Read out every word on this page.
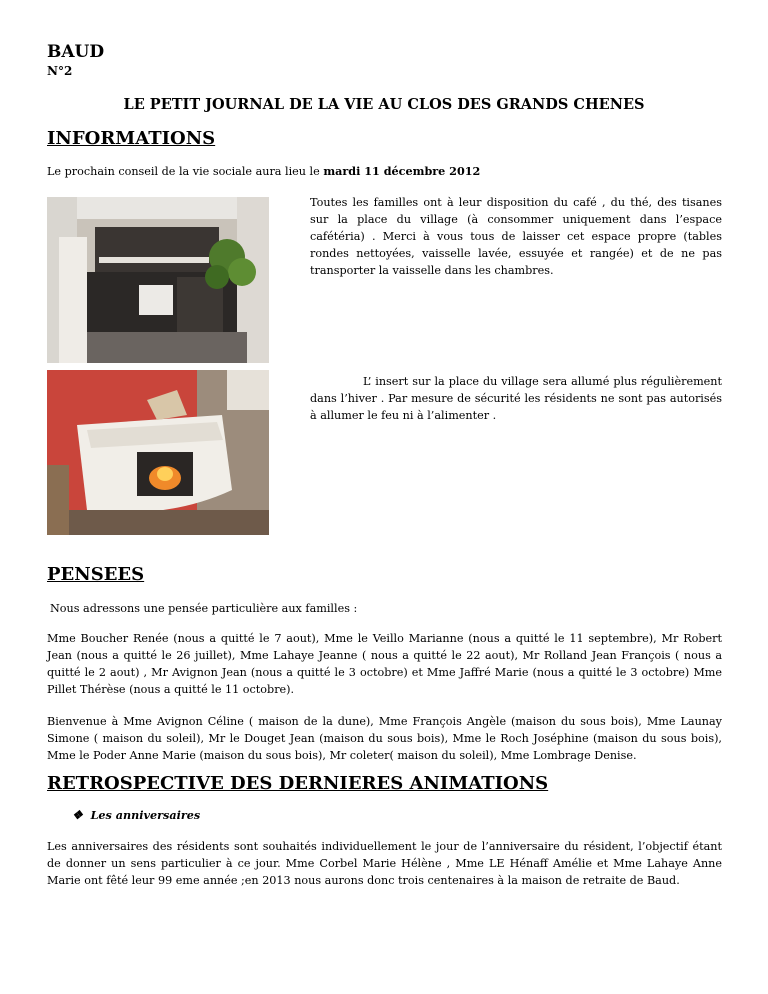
BAUD
N°2
LE PETIT JOURNAL DE LA VIE AU CLOS DES GRANDS CHENES
INFORMATIONS
Le prochain conseil de la vie sociale aura lieu le mardi 11 décembre 2012
Toutes les familles ont à leur disposition du café , du thé, des tisanes sur la place du village (à consommer uniquement dans l’espace cafétéria) . Merci à vous tous de laisser cet espace propre (tables rondes nettoyées, vaisselle lavée, essuyée et rangée) et de ne pas transporter la vaisselle dans les chambres.
L’ insert sur la place du village sera allumé plus régulièrement dans l’hiver . Par mesure de sécurité les résidents ne sont pas autorisés à allumer le feu ni à l’alimenter .
PENSEES
Nous adressons une pensée particulière aux familles :
Mme Boucher Renée (nous a quitté le 7 aout), Mme le Veillo Marianne (nous a quitté le 11 septembre), Mr Robert Jean (nous a quitté le 26 juillet), Mme Lahaye Jeanne ( nous a quitté le 22 aout), Mr Rolland Jean François ( nous a quitté le 2 aout) , Mr Avignon Jean (nous a quitté le 3 octobre) et Mme Jaffré Marie (nous a quitté le 3 octobre) Mme Pillet Thérèse (nous a quitté le 11 octobre).
Bienvenue à Mme Avignon Céline ( maison de la dune), Mme François Angèle (maison du sous bois), Mme Launay Simone ( maison du soleil), Mr le Douget Jean (maison du sous bois), Mme le Roch Joséphine (maison du sous bois), Mme le Poder Anne Marie (maison du sous bois), Mr coleter( maison du soleil), Mme Lombrage Denise.
RETROSPECTIVE DES DERNIERES ANIMATIONS
❖ Les anniversaires
Les anniversaires des résidents sont souhaités individuellement le jour de l’anniversaire du résident, l’objectif étant de donner un sens particulier à ce jour. Mme Corbel Marie Hélène , Mme LE Hénaff Amélie et Mme Lahaye Anne Marie ont fêté leur 99 eme année ;en 2013 nous aurons donc trois centenaires à la maison de retraite de Baud.
